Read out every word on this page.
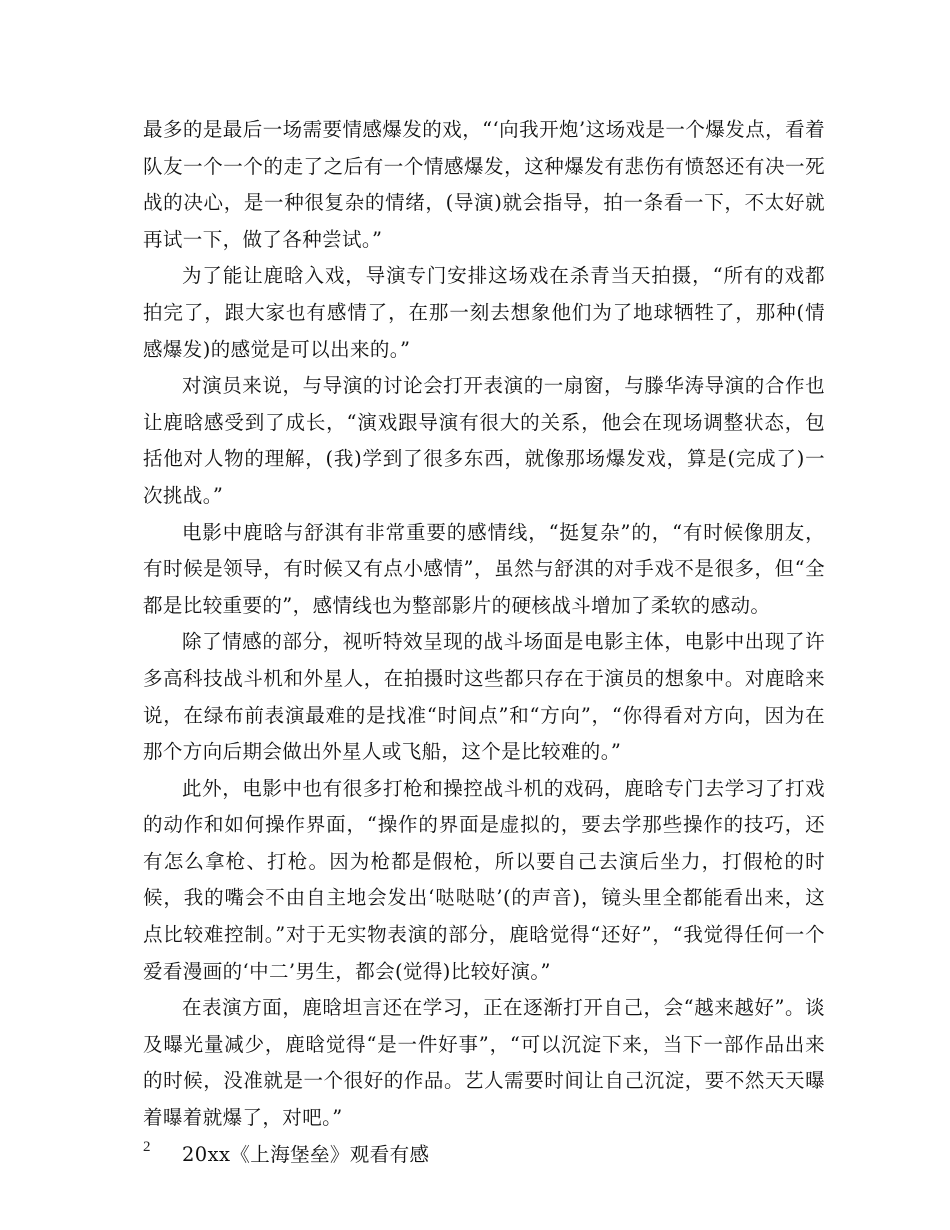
最多的是最后一场需要情感爆发的戏，“‘向我开炮’这场戏是一个爆发点，看着队友一个一个的走了之后有一个情感爆发，这种爆发有悲伤有愤怒还有决一死战的决心，是一种很复杂的情绪，(导演)就会指导，拍一条看一下，不太好就再试一下，做了各种尝试。”

为了能让鹿晗入戏，导演专门安排这场戏在杀青当天拍摄，“所有的戏都拍完了，跟大家也有感情了，在那一刻去想象他们为了地球牺牲了，那种(情感爆发)的感觉是可以出来的。”

对演员来说，与导演的讨论会打开表演的一扇窗，与滕华涛导演的合作也让鹿晗感受到了成长，“演戏跟导演有很大的关系，他会在现场调整状态，包括他对人物的理解，(我)学到了很多东西，就像那场爆发戏，算是(完成了)一次挑战。”

电影中鹿晗与舒淇有非常重要的感情线，“挺复杂”的，“有时候像朋友，有时候是领导，有时候又有点小感情”，虽然与舒淇的对手戏不是很多，但“全都是比较重要的”，感情线也为整部影片的硬核战斗增加了柔软的感动。

除了情感的部分，视听特效呈现的战斗场面是电影主体，电影中出现了许多高科技战斗机和外星人，在拍摄时这些都只存在于演员的想象中。对鹿晗来说，在绿布前表演最难的是找准“时间点”和“方向”，“你得看对方向，因为在那个方向后期会做出外星人或飞船，这个是比较难的。”

此外，电影中也有很多打枪和操控战斗机的戏码，鹿晗专门去学习了打戏的动作和如何操作界面，“操作的界面是虚拟的，要去学那些操作的技巧，还有怎么拿枪、打枪。因为枪都是假枪，所以要自己去演后坐力，打假枪的时候，我的嘴会不由自主地会发出‘哒哒哒’(的声音)，镜头里全都能看出来，这点比较难控制。”对于无实物表演的部分，鹿晗觉得“还好”，“我觉得任何一个爱看漫画的‘中二’男生，都会(觉得)比较好演。”

在表演方面，鹿晗坦言还在学习，正在逐渐打开自己，会“越来越好”。谈及曝光量减少，鹿晗觉得“是一件好事”，“可以沉淀下来，当下一部作品出来的时候，没准就是一个很好的作品。艺人需要时间让自己沉淀，要不然天天曝着曝着就爆了，对吧。”

20xx《上海堡垒》观看有感

2
